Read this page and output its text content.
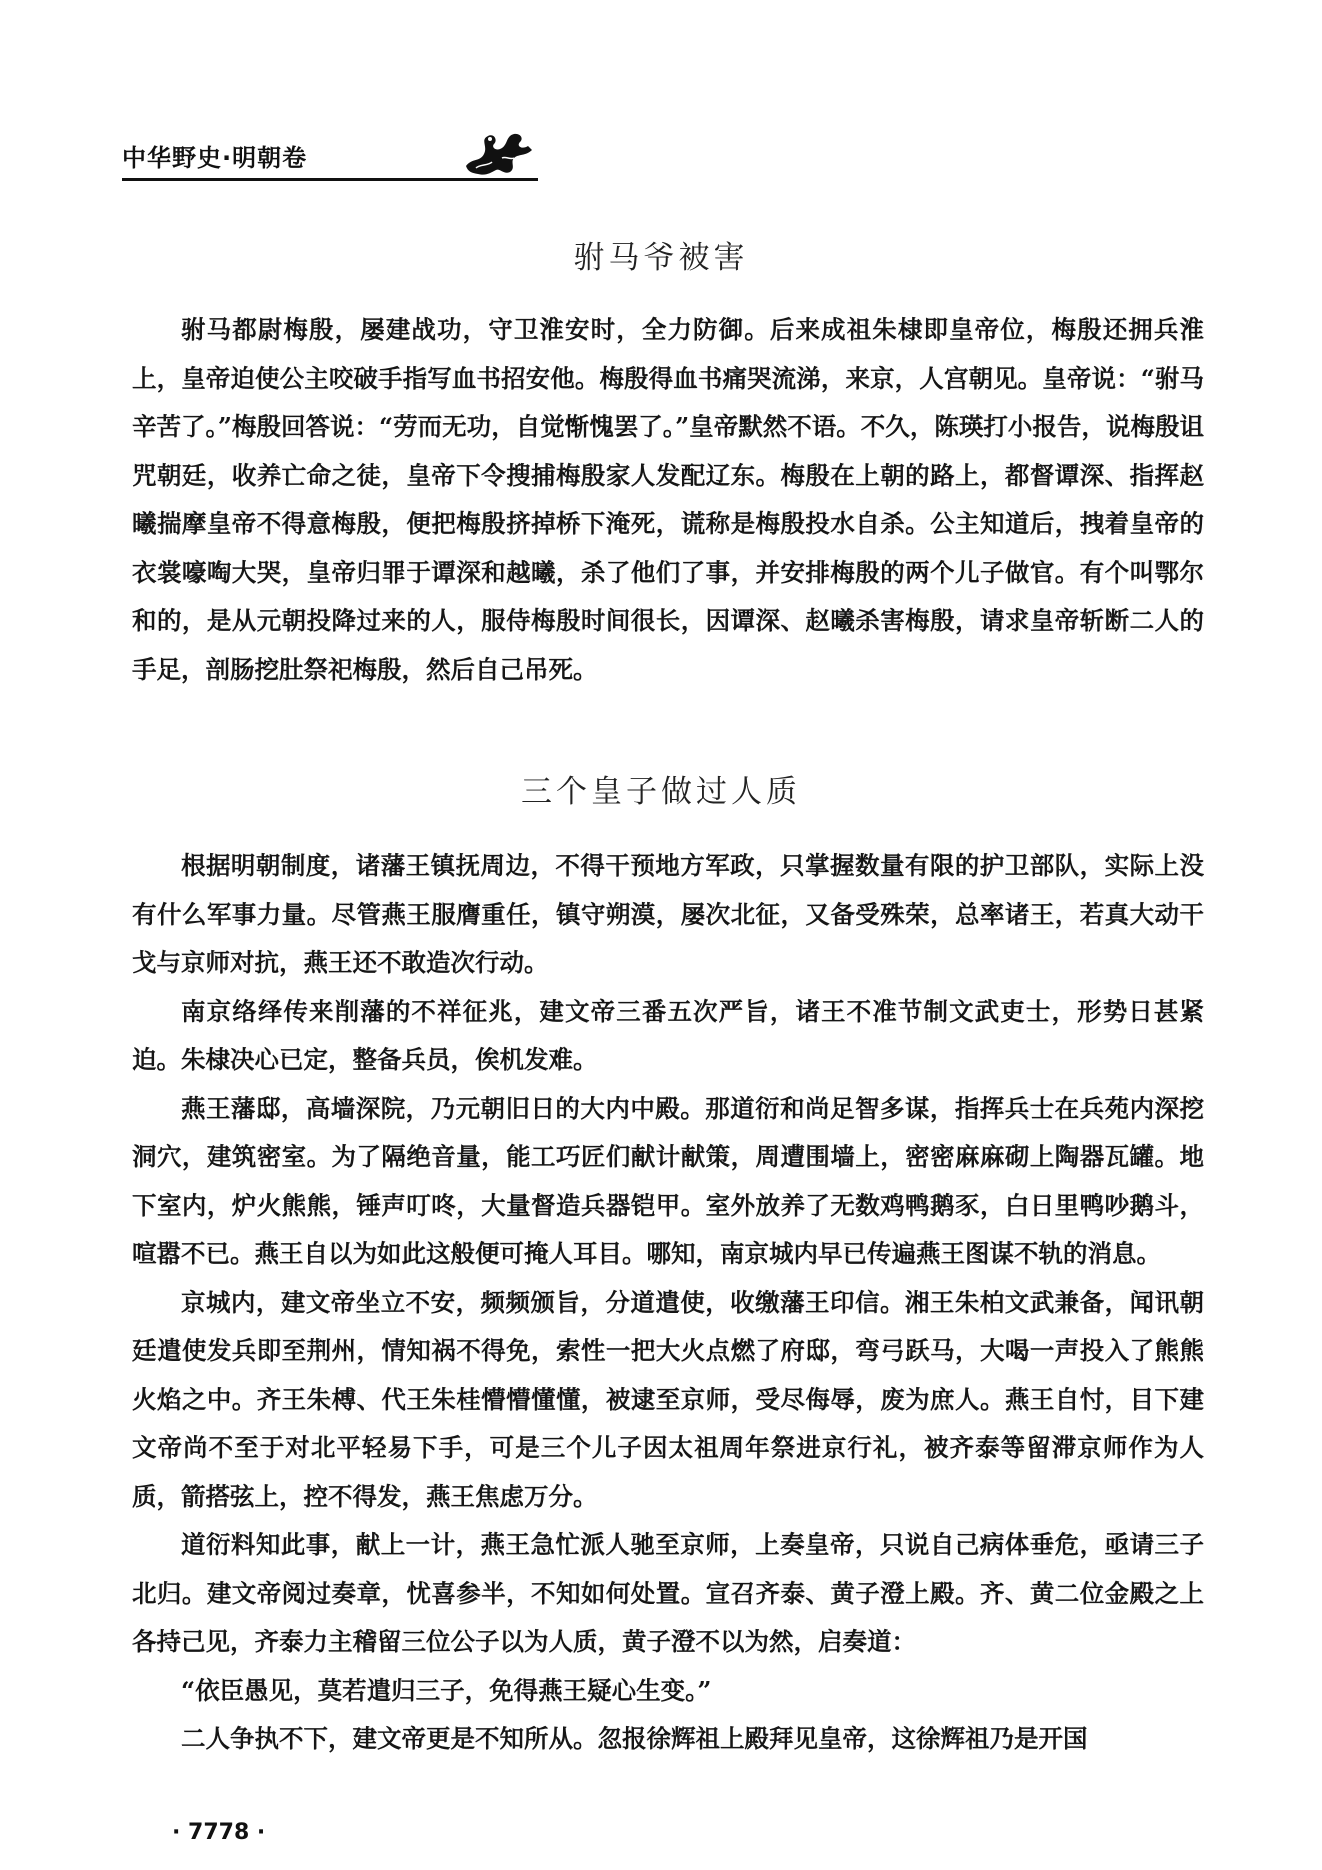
中华野史·明朝卷
驸马爷被害

驸马都尉梅殷，屡建战功，守卫淮安时，全力防御。后来成祖朱棣即皇帝位，梅殷还拥兵淮上，皇帝迫使公主咬破手指写血书招安他。梅殷得血书痛哭流涕，来京，人宫朝见。皇帝说：“驸马辛苦了。”梅殷回答说：“劳而无功，自觉惭愧罢了。”皇帝默然不语。不久，陈瑛打小报告，说梅殷诅咒朝廷，收养亡命之徒，皇帝下令搜捕梅殷家人发配辽东。梅殷在上朝的路上，都督谭深、指挥赵曦揣摩皇帝不得意梅殷，便把梅殷挤掉桥下淹死，谎称是梅殷投水自杀。公主知道后，拽着皇帝的衣裳嚎啕大哭，皇帝归罪于谭深和越曦，杀了他们了事，并安排梅殷的两个儿子做官。有个叫鄂尔和的，是从元朝投降过来的人，服侍梅殷时间很长，因谭深、赵曦杀害梅殷，请求皇帝斩断二人的手足，剖肠挖肚祭祀梅殷，然后自己吊死。

三个皇子做过人质

根据明朝制度，诸藩王镇抚周边，不得干预地方军政，只掌握数量有限的护卫部队，实际上没有什么军事力量。尽管燕王服膺重任，镇守朔漠，屡次北征，又备受殊荣，总率诸王，若真大动干戈与京师对抗，燕王还不敢造次行动。

南京络绎传来削藩的不祥征兆，建文帝三番五次严旨，诸王不准节制文武吏士，形势日甚紧迫。朱棣决心已定，整备兵员，俟机发难。

燕王藩邸，高墙深院，乃元朝旧日的大内中殿。那道衍和尚足智多谋，指挥兵士在兵苑内深挖洞穴，建筑密室。为了隔绝音量，能工巧匠们献计献策，周遭围墙上，密密麻麻砌上陶器瓦罐。地下室内，炉火熊熊，锤声叮咚，大量督造兵器铠甲。室外放养了无数鸡鸭鹅豕，白日里鸭吵鹅斗，喧嚣不已。燕王自以为如此这般便可掩人耳目。哪知，南京城内早已传遍燕王图谋不轨的消息。

京城内，建文帝坐立不安，频频颁旨，分道遣使，收缴藩王印信。湘王朱柏文武兼备，闻讯朝廷遣使发兵即至荆州，情知祸不得免，索性一把大火点燃了府邸，弯弓跃马，大喝一声投入了熊熊火焰之中。齐王朱榑、代王朱桂懵懵懂懂，被逮至京师，受尽侮辱，废为庶人。燕王自忖，目下建文帝尚不至于对北平轻易下手，可是三个儿子因太祖周年祭进京行礼，被齐泰等留滞京师作为人质，箭搭弦上，控不得发，燕王焦虑万分。

道衍料知此事，献上一计，燕王急忙派人驰至京师，上奏皇帝，只说自己病体垂危，亟请三子北归。建文帝阅过奏章，忧喜参半，不知如何处置。宣召齐泰、黄子澄上殿。齐、黄二位金殿之上各持己见，齐泰力主稽留三位公子以为人质，黄子澄不以为然，启奏道：

“依臣愚见，莫若遣归三子，免得燕王疑心生变。”

二人争执不下，建文帝更是不知所从。忽报徐辉祖上殿拜见皇帝，这徐辉祖乃是开国

· 7778 ·
